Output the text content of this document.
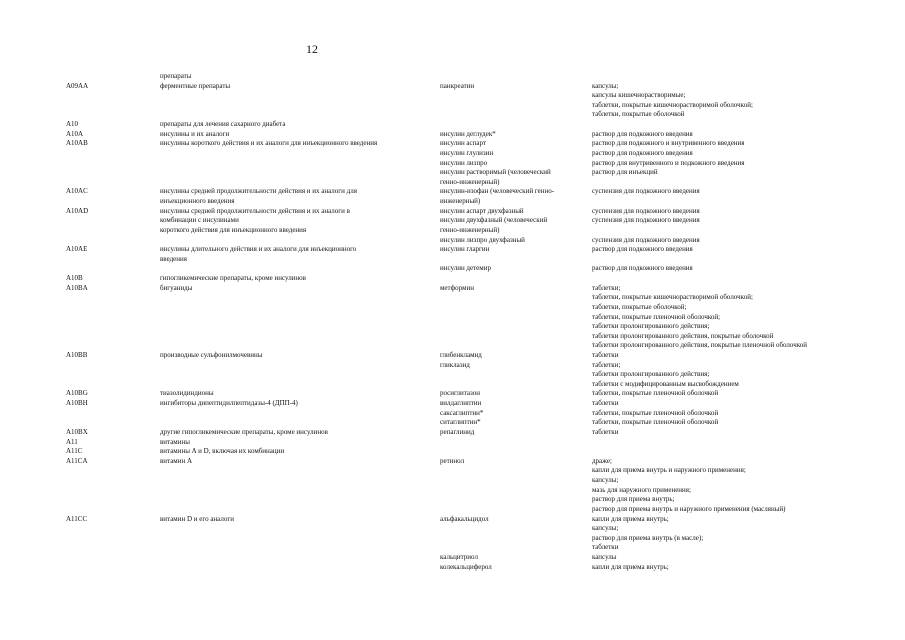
12
препараты
A09AA	ферментные препараты	панкреатин	капсулы;
капсулы кишечнорастворимые;
таблетки, покрытые кишечнорастворимой оболочкой;
таблетки, покрытые оболочкой
A10	препараты для лечения сахарного диабета
A10A	инсулины и их аналоги	инсулин деглудек*	раствор для подкожного введения
A10AB	инсулины короткого действия и их аналоги для инъекционного введения	инсулин аспарт	раствор для подкожного и внутривенного введения
инсулин глулизин	раствор для подкожного введения
инсулин лизпро	раствор для внутривенного и подкожного введения
инсулин растворимый (человеческий	раствор для инъекций
генно-инженерный)
A10AC	инсулины средней продолжительности действия и их аналоги для	инсулин-изофан (человеческий генно-	суспензия для подкожного введения
инъекционного введения	инженерный)
A10AD	инсулины средней продолжительности действия и их аналоги в	инсулин аспарт двухфазный	суспензия для подкожного введения
комбинации с инсулинами	инсулин двухфазный (человеческий	суспензия для подкожного введения
короткого действия для инъекционного введения	генно-инженерный)
инсулин лизпро двухфазный	суспензия для подкожного введения
A10AE	инсулины длительного действия и их аналоги для инъекционного	инсулин гларгин	раствор для подкожного введения
введения
инсулин детемир	раствор для подкожного введения
A10B	гипогликемические препараты, кроме инсулинов
A10BA	бигуаниды	метформин	таблетки;
таблетки, покрытые кишечнорастворимой оболочкой;
таблетки, покрытые оболочкой;
таблетки, покрытые пленочной оболочкой;
таблетки пролонгированного действия;
таблетки пролонгированного действия, покрытые оболочкой
таблетки пролонгированного действия, покрытые пленочной оболочкой
A10BB	производные сульфонилмочевины	глибенкламид	таблетки
гликлазид	таблетки;
таблетки пролонгированного действия;
таблетки с модифицированным высвобождением
A10BG	тиазолидиндионы	росиглитазон	таблетки, покрытые пленочной оболочкой
A10BH	ингибиторы дипептидилпептидазы-4 (ДПП-4)	вилдаглиптин	таблетки
саксаглиптин*	таблетки, покрытые пленочной оболочкой
ситаглиптин*	таблетки, покрытые пленочной оболочкой
A10BX	другие гипогликемические препараты, кроме инсулинов	репаглинид	таблетки
A11	витамины
A11C	витамины A и D, включая их комбинации
A11CA	витамин A	ретинол	драже;
капли для приема внутрь и наружного применения;
капсулы;
мазь для наружного применения;
раствор для приема внутрь;
раствор для приема внутрь и наружного применения (масляный)
A11CC	витамин D и его аналоги	альфакальцидол	капли для приема внутрь;
капсулы;
раствор для приема внутрь (в масле);
таблетки
кальцитриол	капсулы
колекальциферол	капли для приема внутрь;
